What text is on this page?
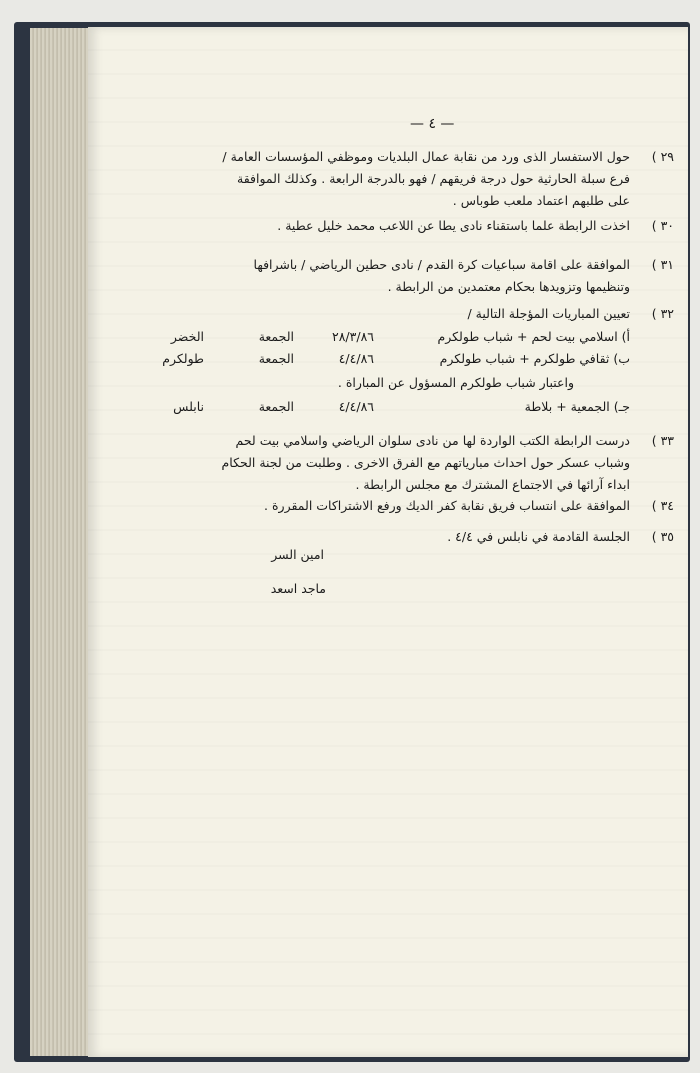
— ٤ —
٢٩ )
حول الاستفسار الذى ورد من نقابة عمال البلديات وموظفي المؤسسات العامة /
فرع سبلة الحارثية حول درجة فريقهم / فهو بالدرجة الرابعة . وكذلك الموافقة
على طلبهم اعتماد ملعب طوباس .
٣٠ )
اخذت الرابطة علما باستقناء نادى يطا عن اللاعب محمد خليل عطية .
٣١ )
الموافقة على اقامة سباعيات كرة القدم / نادى حطين الرياضي / باشرافها
وتنظيمها وتزويدها بحكام معتمدين من الرابطة .
٣٢ )
تعيين المباريات المؤجلة التالية /
أ) اسلامي بيت لحم + شباب طولكرم
٢٨/٣/٨٦
الجمعة
الخضر
ب) ثقافي طولكرم + شباب طولكرم
٤/٤/٨٦
الجمعة
طولكرم
واعتبار شباب طولكرم المسؤول عن المباراة .
جـ) الجمعية + بلاطة
٤/٤/٨٦
الجمعة
نابلس
٣٣ )
درست الرابطة الكتب الواردة لها من نادى سلوان الرياضي واسلامي بيت لحم
وشباب عسكر حول احداث مبارياتهم مع الفرق الاخرى . وطلبت من لجنة الحكام
ابداء آرائها في الاجتماع المشترك مع مجلس الرابطة .
٣٤ )
الموافقة على انتساب فريق نقابة كفر الديك ورفع الاشتراكات المقررة .
٣٥ )
الجلسة القادمة في نابلس في ٤/٤ .
امين السر
ماجد اسعد
